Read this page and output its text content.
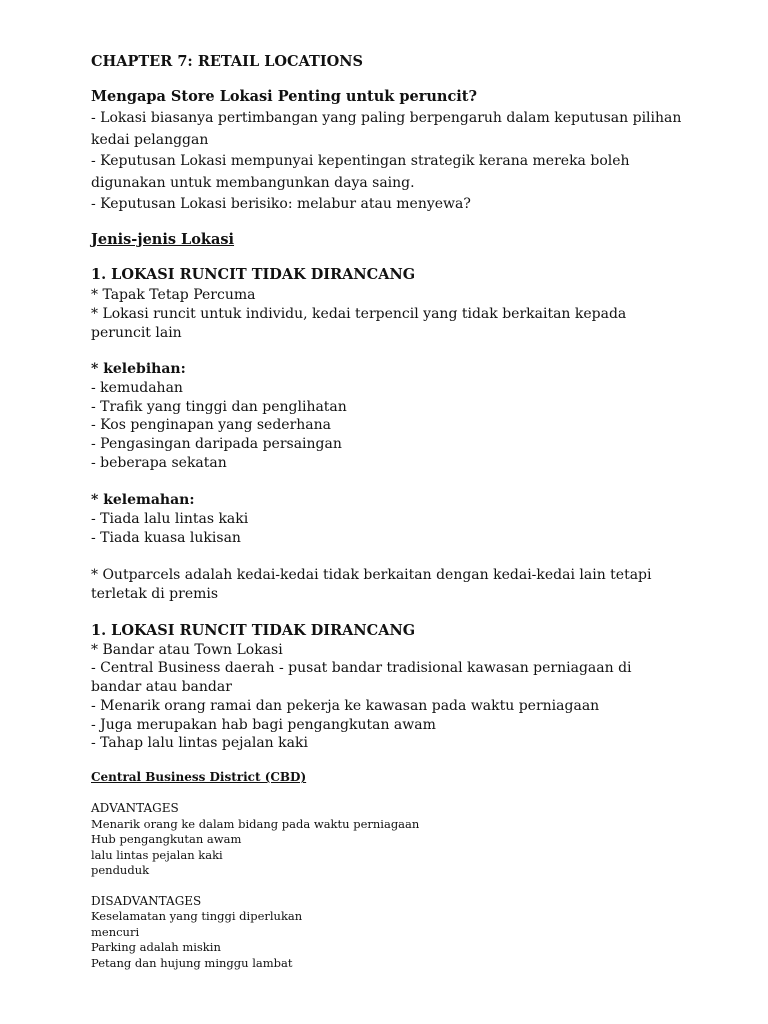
CHAPTER 7: RETAIL LOCATIONS
Mengapa Store Lokasi Penting untuk peruncit?

- Lokasi biasanya pertimbangan yang paling berpengaruh dalam keputusan pilihan

kedai pelanggan

- Keputusan Lokasi mempunyai kepentingan strategik kerana mereka boleh

digunakan untuk membangunkan daya saing.

- Keputusan Lokasi berisiko: melabur atau menyewa?

Jenis-jenis Lokasi
1. LOKASI RUNCIT TIDAK DIRANCANG

* Tapak Tetap Percuma

* Lokasi runcit untuk individu, kedai terpencil yang tidak berkaitan kepada

peruncit lain

* kelebihan:

- kemudahan

- Trafik yang tinggi dan penglihatan

- Kos penginapan yang sederhana

- Pengasingan daripada persaingan

- beberapa sekatan

* kelemahan:

- Tiada lalu lintas kaki

- Tiada kuasa lukisan

* Outparcels adalah kedai-kedai tidak berkaitan dengan kedai-kedai lain tetapi

terletak di premis

1. LOKASI RUNCIT TIDAK DIRANCANG

* Bandar atau Town Lokasi

- Central Business daerah - pusat bandar tradisional kawasan perniagaan di

bandar atau bandar

- Menarik orang ramai dan pekerja ke kawasan pada waktu perniagaan

- Juga merupakan hab bagi pengangkutan awam

- Tahap lalu lintas pejalan kaki

Central Business District (CBD)
ADVANTAGES

Menarik orang ke dalam bidang pada waktu perniagaan

Hub pengangkutan awam

lalu lintas pejalan kaki

penduduk

DISADVANTAGES

Keselamatan yang tinggi diperlukan

mencuri

Parking adalah miskin

Petang dan hujung minggu lambat
